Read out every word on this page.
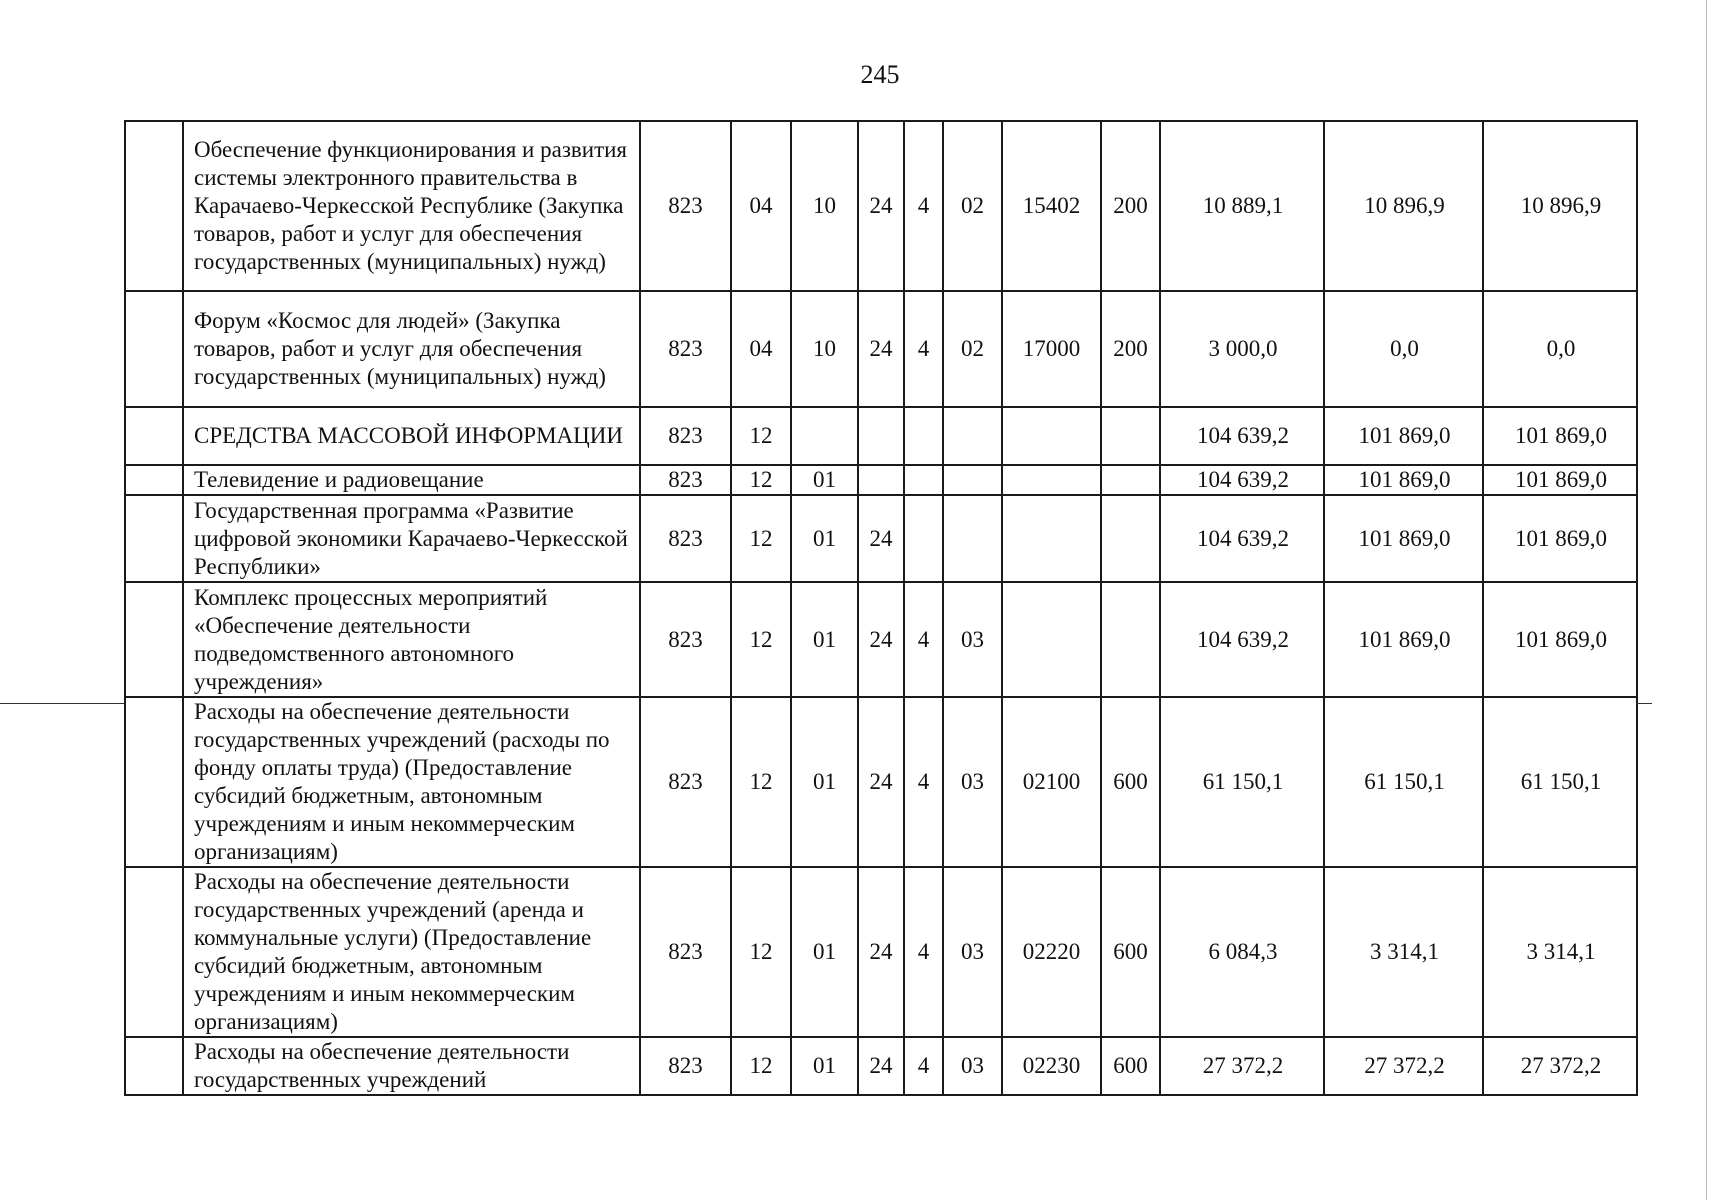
245
	Обеспечение функционирования и развития системы электронного правительства в Карачаево-Черкесской Республике (Закупка товаров, работ и услуг для обеспечения государственных (муниципальных) нужд)	823	04	10	24	4	02	15402	200	10 889,1	10 896,9	10 896,9
	Форум «Космос для людей» (Закупка товаров, работ и услуг для обеспечения государственных (муниципальных) нужд)	823	04	10	24	4	02	17000	200	3 000,0	0,0	0,0
	СРЕДСТВА МАССОВОЙ ИНФОРМАЦИИ	823	12							104 639,2	101 869,0	101 869,0
	Телевидение и радиовещание	823	12	01						104 639,2	101 869,0	101 869,0
	Государственная программа «Развитие цифровой экономики Карачаево-Черкесской Республики»	823	12	01	24					104 639,2	101 869,0	101 869,0
	Комплекс процессных мероприятий «Обеспечение деятельности подведомственного автономного учреждения»	823	12	01	24	4	03			104 639,2	101 869,0	101 869,0
	Расходы на обеспечение деятельности государственных учреждений (расходы по фонду оплаты труда) (Предоставление субсидий бюджетным, автономным учреждениям и иным некоммерческим организациям)	823	12	01	24	4	03	02100	600	61 150,1	61 150,1	61 150,1
	Расходы на обеспечение деятельности государственных учреждений (аренда и коммунальные услуги) (Предоставление субсидий бюджетным, автономным учреждениям и иным некоммерческим организациям)	823	12	01	24	4	03	02220	600	6 084,3	3 314,1	3 314,1
	Расходы на обеспечение деятельности государственных учреждений	823	12	01	24	4	03	02230	600	27 372,2	27 372,2	27 372,2
